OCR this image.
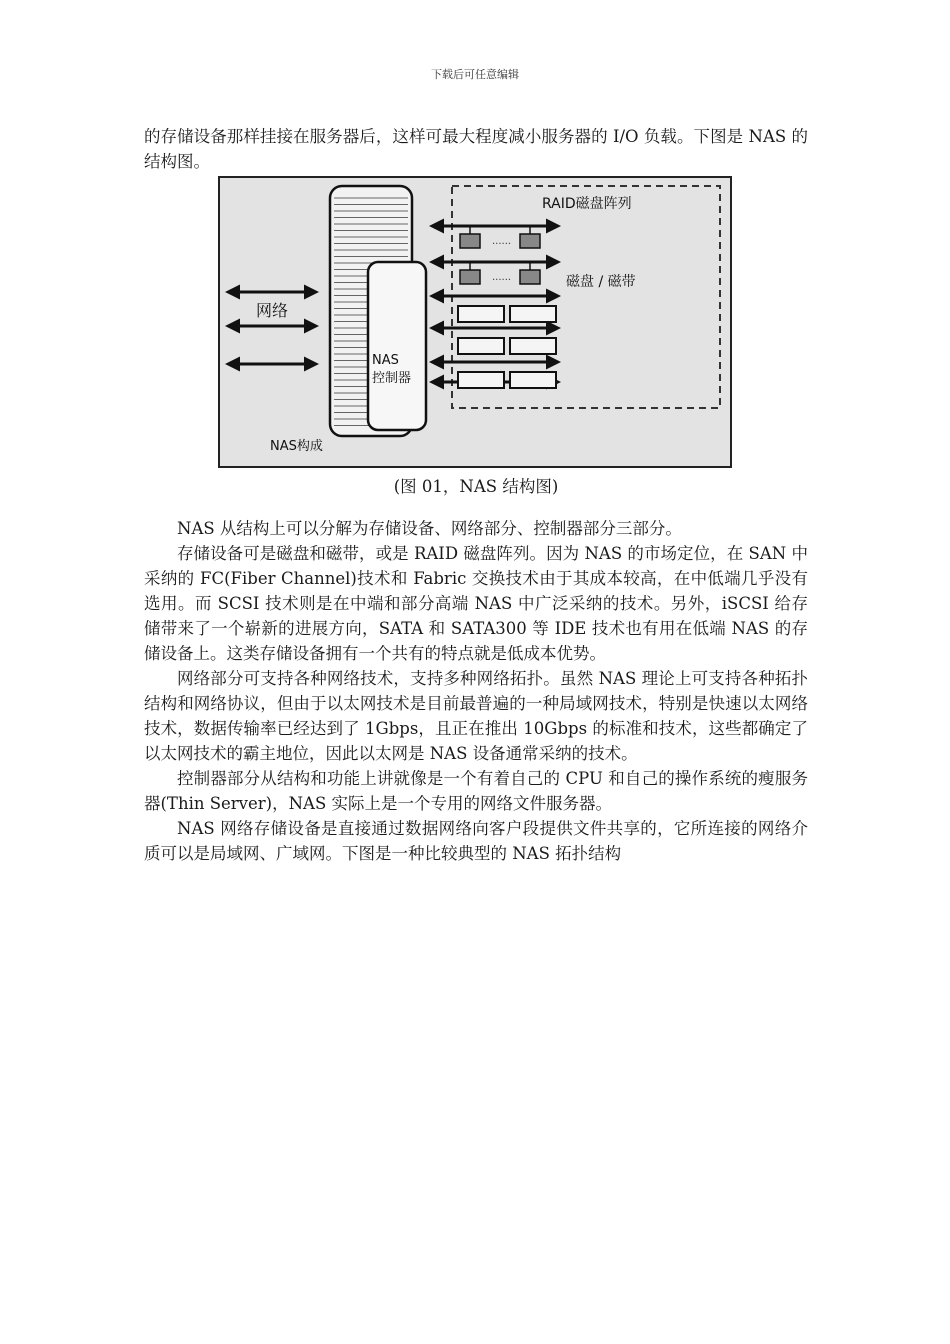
下载后可任意编辑

的存储设备那样挂接在服务器后，这样可最大程度减小服务器的 I/O 负载。下图是 NAS 的结构图。

网络
NAS
控制器
RAID磁盘阵列
......
......	磁盘 / 磁带
NAS构成
(图 01，NAS 结构图)

NAS 从结构上可以分解为存储设备、网络部分、控制器部分三部分。

存储设备可是磁盘和磁带，或是 RAID 磁盘阵列。因为 NAS 的市场定位，在 SAN 中采纳的 FC(Fiber Channel)技术和 Fabric 交换技术由于其成本较高，在中低端几乎没有选用。而 SCSI 技术则是在中端和部分高端 NAS 中广泛采纳的技术。另外，iSCSI 给存储带来了一个崭新的进展方向，SATA 和 SATA300 等 IDE 技术也有用在低端 NAS 的存储设备上。这类存储设备拥有一个共有的特点就是低成本优势。

网络部分可支持各种网络技术，支持多种网络拓扑。虽然 NAS 理论上可支持各种拓扑结构和网络协议，但由于以太网技术是目前最普遍的一种局域网技术，特别是快速以太网络技术，数据传输率已经达到了 1Gbps，且正在推出 10Gbps 的标准和技术，这些都确定了以太网技术的霸主地位，因此以太网是 NAS 设备通常采纳的技术。

控制器部分从结构和功能上讲就像是一个有着自己的 CPU 和自己的操作系统的瘦服务器(Thin Server)，NAS 实际上是一个专用的网络文件服务器。

NAS 网络存储设备是直接通过数据网络向客户段提供文件共享的，它所连接的网络介质可以是局域网、广域网。下图是一种比较典型的 NAS 拓扑结构
